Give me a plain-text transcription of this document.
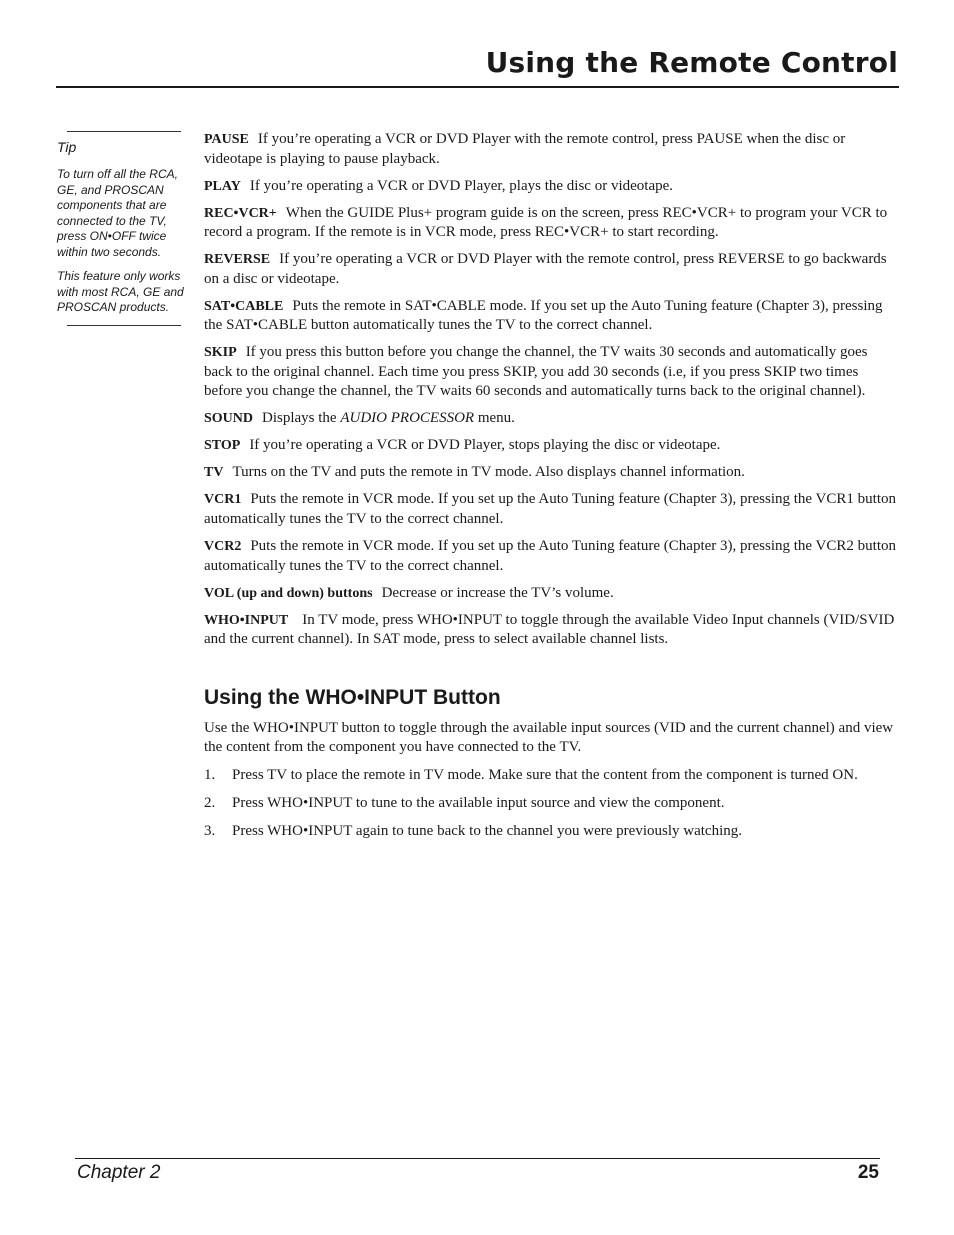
Using the Remote Control
Tip

To turn off all the RCA, GE, and PROSCAN components that are connected to the TV, press ON•OFF twice within two seconds.

This feature only works with most RCA, GE and PROSCAN products.

PAUSE If you’re operating a VCR or DVD Player with the remote control, press PAUSE when the disc or videotape is playing to pause playback.

PLAY If you’re operating a VCR or DVD Player, plays the disc or videotape.

REC•VCR+ When the GUIDE Plus+ program guide is on the screen, press REC•VCR+ to program your VCR to record a program. If the remote is in VCR mode, press REC•VCR+ to start recording.

REVERSE If you’re operating a VCR or DVD Player with the remote control, press REVERSE to go backwards on a disc or videotape.

SAT•CABLE Puts the remote in SAT•CABLE mode. If you set up the Auto Tuning feature (Chapter 3), pressing the SAT•CABLE button automatically tunes the TV to the correct channel.

SKIP If you press this button before you change the channel, the TV waits 30 seconds and automatically goes back to the original channel. Each time you press SKIP, you add 30 seconds (i.e, if you press SKIP two times before you change the channel, the TV waits 60 seconds and automatically turns back to the original channel).

SOUND Displays the AUDIO PROCESSOR menu.

STOP If you’re operating a VCR or DVD Player, stops playing the disc or videotape.

TV Turns on the TV and puts the remote in TV mode. Also displays channel information.

VCR1 Puts the remote in VCR mode. If you set up the Auto Tuning feature (Chapter 3), pressing the VCR1 button automatically tunes the TV to the correct channel.

VCR2 Puts the remote in VCR mode. If you set up the Auto Tuning feature (Chapter 3), pressing the VCR2 button automatically tunes the TV to the correct channel.

VOL (up and down) buttons Decrease or increase the TV’s volume.

WHO•INPUT In TV mode, press WHO•INPUT to toggle through the available Video Input channels (VID/SVID and the current channel). In SAT mode, press to select available channel lists.

Using the WHO•INPUT Button

Use the WHO•INPUT button to toggle through the available input sources (VID and the current channel) and view the content from the component you have connected to the TV.

1. Press TV to place the remote in TV mode. Make sure that the content from the component is turned ON.
2. Press WHO•INPUT to tune to the available input source and view the component.
3. Press WHO•INPUT again to tune back to the channel you were previously watching.
Chapter 2	25
